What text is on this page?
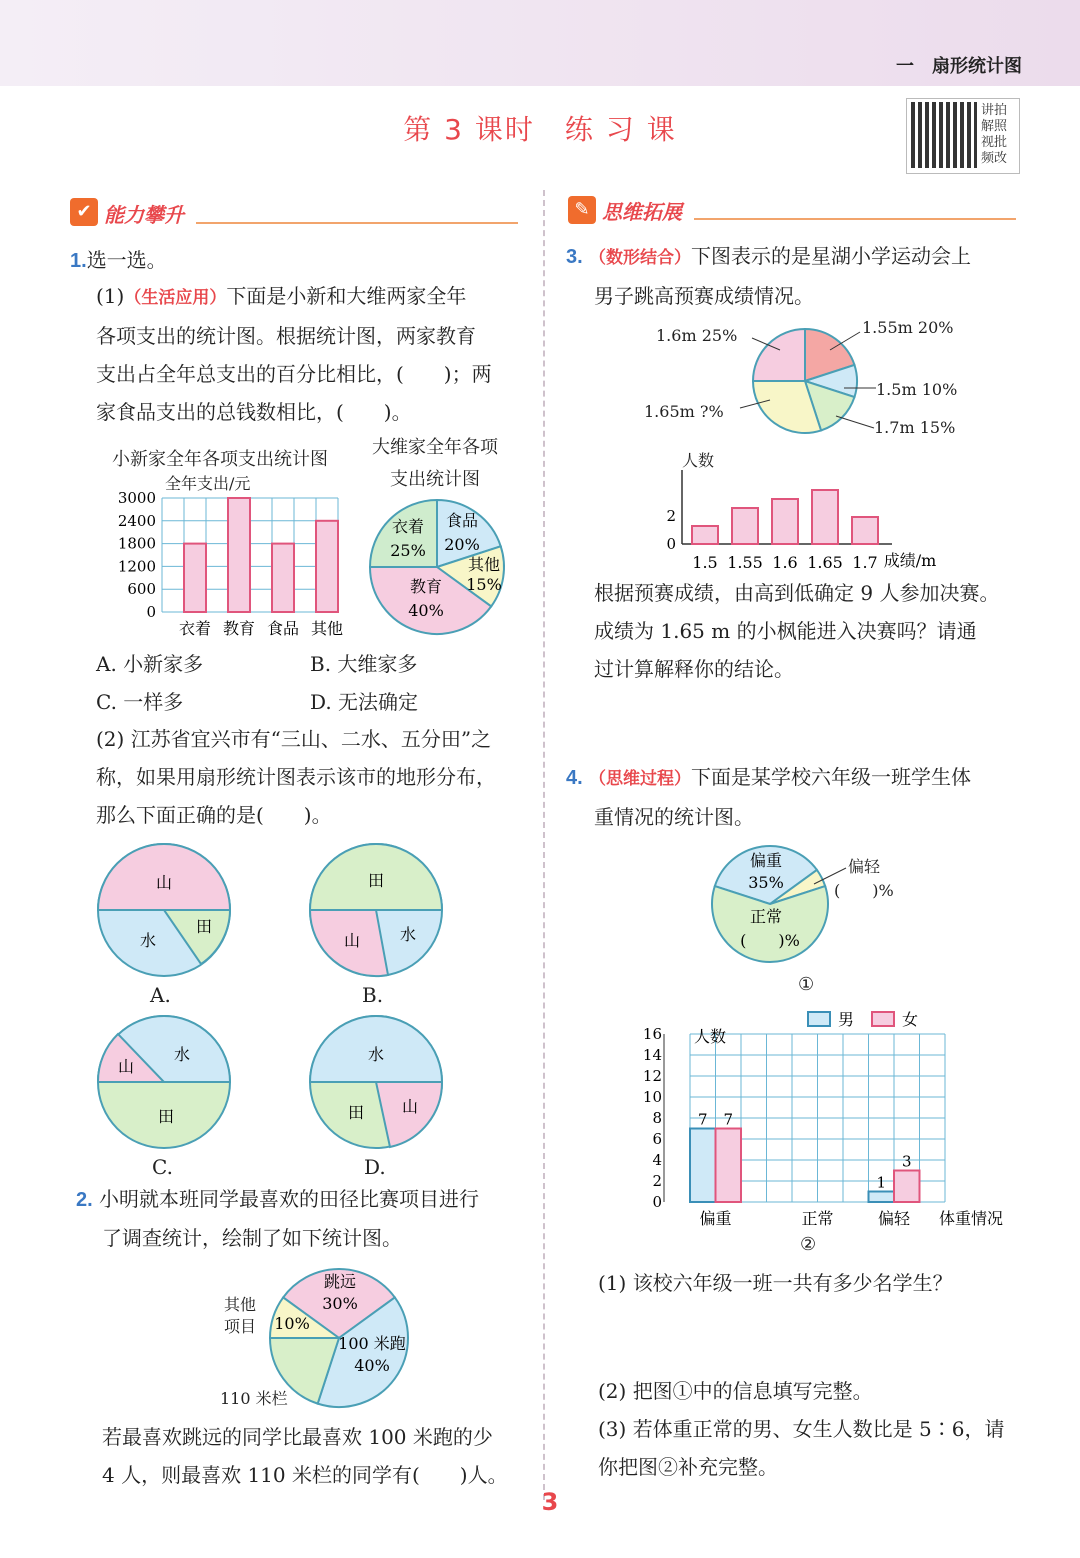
一　扇形统计图
第 3 课时　练 习 课
讲拍解照视批频改
✔ 能力攀升	✎ 思维拓展
1.选一选。
(1)（生活应用）下面是小新和大维两家全年
各项支出的统计图。根据统计图，两家教育
支出占全年总支出的百分比相比，(　　)；两
家食品支出的总钱数相比，(　　)。
小新家全年各项支出统计图
全年支出/元
3000
2400
1800
1200
600
0
衣着 教育 食品 其他
大维家全年各项
支出统计图
衣着
25%
食品
20%
其他
15%
教育
40%
A. 小新家多	B. 大维家多
C. 一样多	D. 无法确定
(2) 江苏省宜兴市有“三山、二水、五分田”之
称，如果用扇形统计图表示该市的地形分布，
那么下面正确的是(　　)。
山
水
田
A.
田
山 水
B.
山
水
田
C.
水
田 山
D.
2. 小明就本班同学最喜欢的田径比赛项目进行
了调查统计，绘制了如下统计图。
其他
项目
跳远
30%
100 米跑
40%
10%
110 米栏
若最喜欢跳远的同学比最喜欢 100 米跑的少
4 人，则最喜欢 110 米栏的同学有(　　)人。
3. （数形结合）下图表示的是星湖小学运动会上
男子跳高预赛成绩情况。
1.6m 25%	1.55m 20%
1.5m 10%
1.65m ?%
1.7m 15%
人数
2
0
1.5 1.55 1.6 1.65 1.7 成绩/m
根据预赛成绩，由高到低确定 9 人参加决赛。
成绩为 1.65 m 的小枫能进入决赛吗？请通
过计算解释你的结论。
4. （思维过程）下面是某学校六年级一班学生体
重情况的统计图。
偏重
35%
正常
(　　)%
偏轻
(　　)%
①
16
14
12
10
8
6
4
2
0
人数
7 7
偏重	正常
1
3
偏轻 体重情况
男	女
②
(1) 该校六年级一班一共有多少名学生？
(2) 把图①中的信息填写完整。
(3) 若体重正常的男、女生人数比是 5∶6，请
你把图②补充完整。
3
